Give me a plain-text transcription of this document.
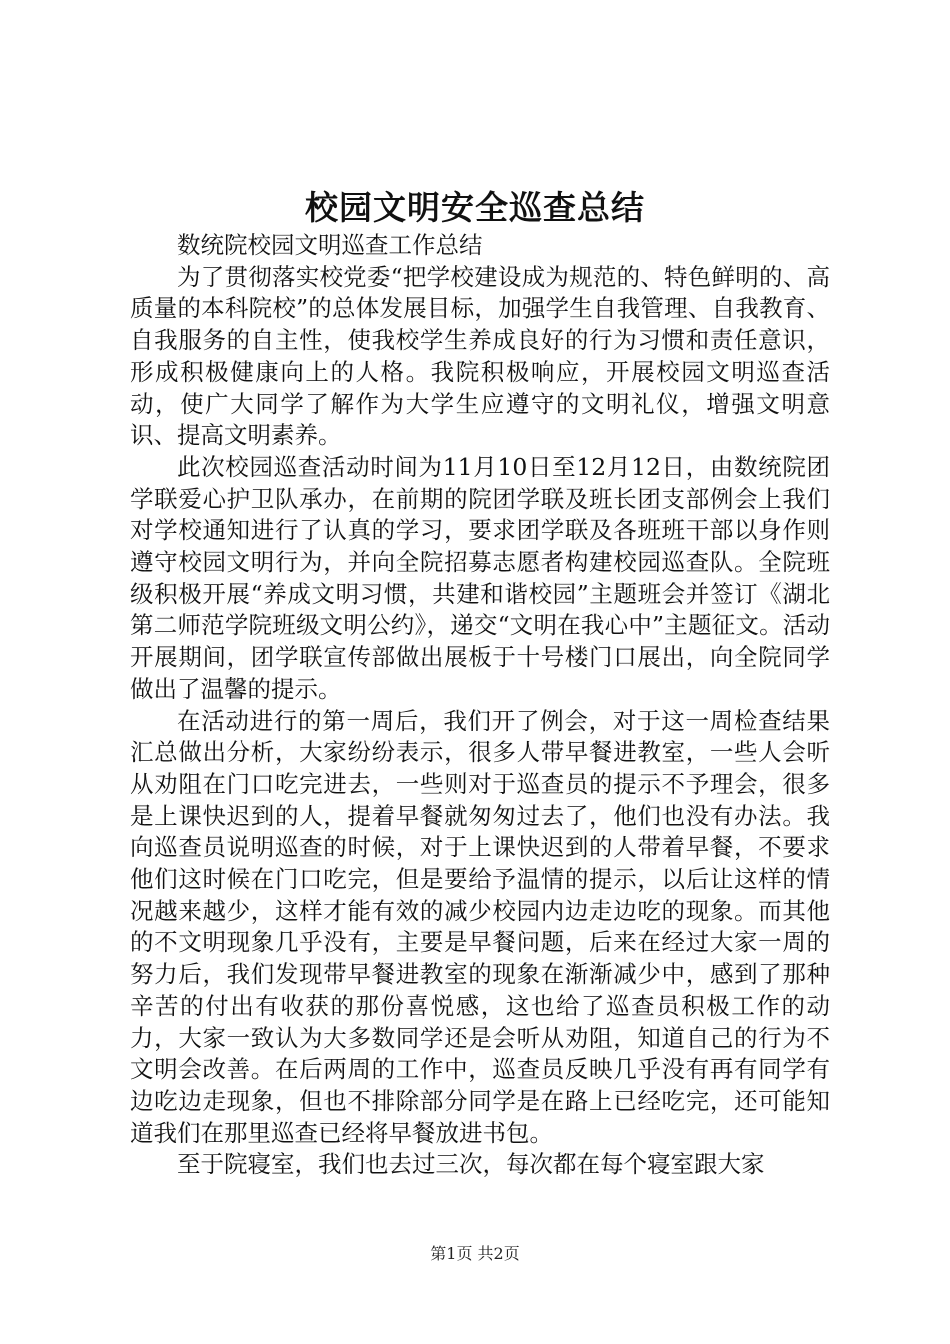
校园文明安全巡查总结

数统院校园文明巡查工作总结

为了贯彻落实校党委“把学校建设成为规范的、特色鲜明的、高质量的本科院校”的总体发展目标，加强学生自我管理、自我教育、自我服务的自主性，使我校学生养成良好的行为习惯和责任意识，形成积极健康向上的人格。我院积极响应，开展校园文明巡查活动，使广大同学了解作为大学生应遵守的文明礼仪，增强文明意识、提高文明素养。

此次校园巡查活动时间为11月10日至12月12日，由数统院团学联爱心护卫队承办，在前期的院团学联及班长团支部例会上我们对学校通知进行了认真的学习，要求团学联及各班班干部以身作则遵守校园文明行为，并向全院招募志愿者构建校园巡查队。全院班级积极开展“养成文明习惯，共建和谐校园”主题班会并签订《湖北第二师范学院班级文明公约》，递交“文明在我心中”主题征文。活动开展期间，团学联宣传部做出展板于十号楼门口展出，向全院同学做出了温馨的提示。

在活动进行的第一周后，我们开了例会，对于这一周检查结果汇总做出分析，大家纷纷表示，很多人带早餐进教室，一些人会听从劝阻在门口吃完进去，一些则对于巡查员的提示不予理会，很多是上课快迟到的人，提着早餐就匆匆过去了，他们也没有办法。我向巡查员说明巡查的时候，对于上课快迟到的人带着早餐，不要求他们这时候在门口吃完，但是要给予温情的提示，以后让这样的情况越来越少，这样才能有效的减少校园内边走边吃的现象。而其他的不文明现象几乎没有，主要是早餐问题，后来在经过大家一周的努力后，我们发现带早餐进教室的现象在渐渐减少中，感到了那种辛苦的付出有收获的那份喜悦感，这也给了巡查员积极工作的动力，大家一致认为大多数同学还是会听从劝阻，知道自己的行为不文明会改善。在后两周的工作中，巡查员反映几乎没有再有同学有边吃边走现象，但也不排除部分同学是在路上已经吃完，还可能知道我们在那里巡查已经将早餐放进书包。

至于院寝室，我们也去过三次，每次都在每个寝室跟大家

第1页 共2页
